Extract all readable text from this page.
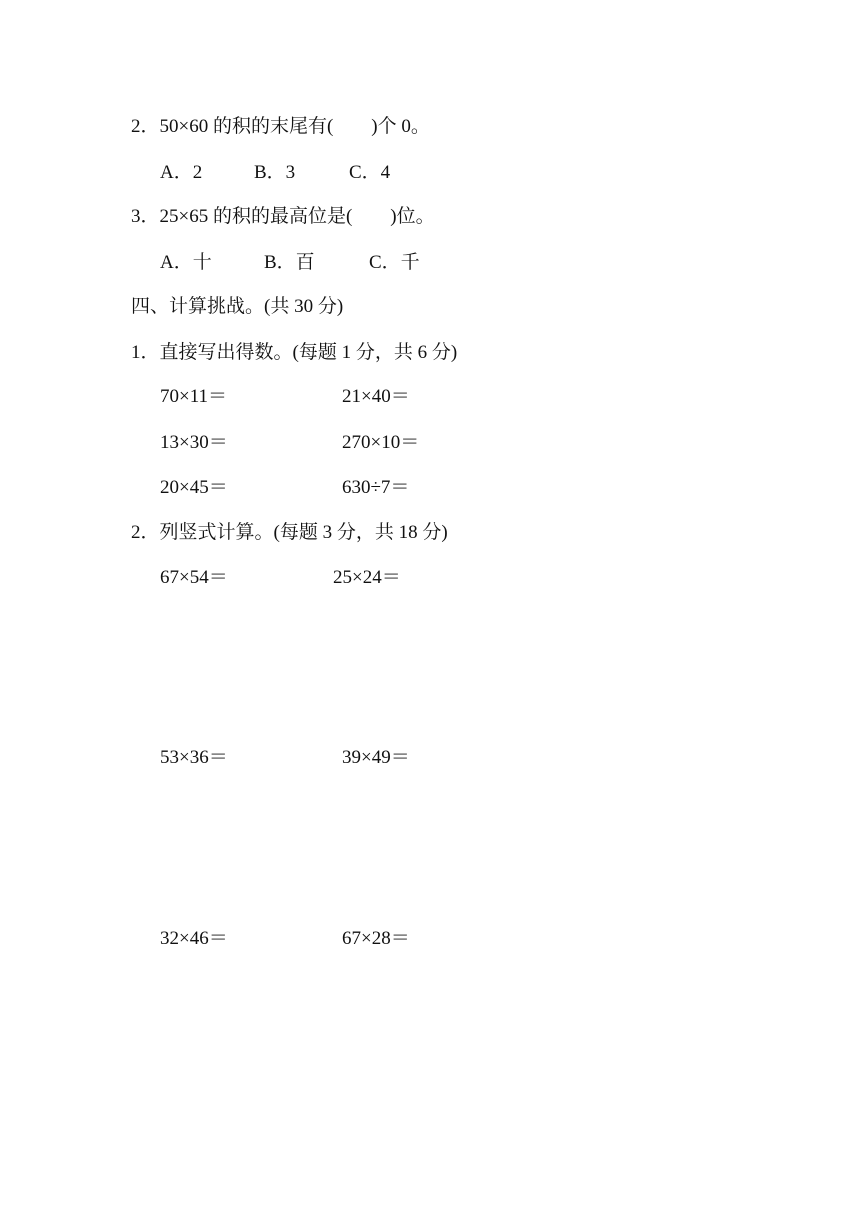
2．50×60 的积的末尾有(　　)个 0。
A．2	B．3	C．4
3．25×65 的积的最高位是(　　)位。
A．十	B．百	C．千
四、计算挑战。(共 30 分)
1．直接写出得数。(每题 1 分，共 6 分)
70×11＝	21×40＝
13×30＝	270×10＝
20×45＝	630÷7＝
2．列竖式计算。(每题 3 分，共 18 分)
67×54＝	25×24＝
53×36＝	39×49＝
32×46＝	67×28＝
